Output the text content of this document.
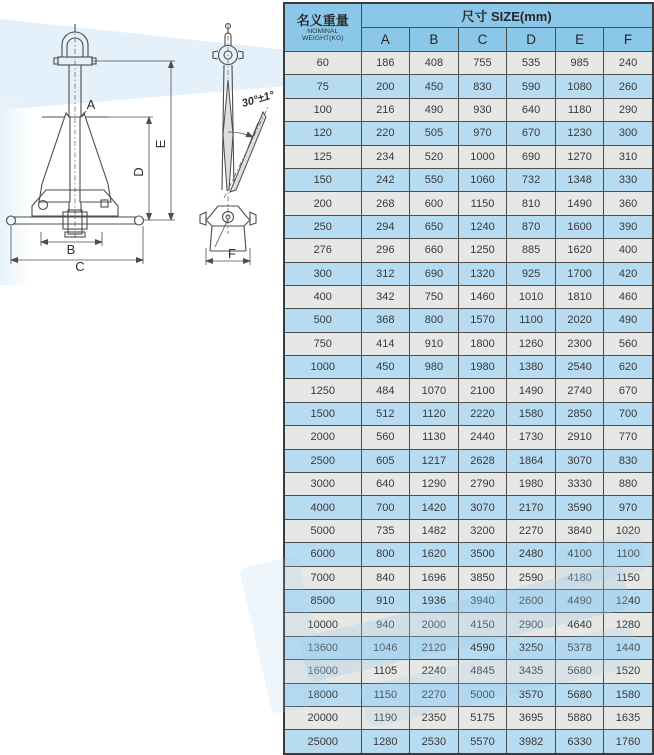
B
C
D
E
A	30°±1°
F
名义重量
NOMINAL
WEIGHT(KG)	尺寸 SIZE(mm)					
	A	B	C	D	E	F
60	186	408	755	535	985	240
75	200	450	830	590	1080	260
100	216	490	930	640	1180	290
120	220	505	970	670	1230	300
125	234	520	1000	690	1270	310
150	242	550	1060	732	1348	330
200	268	600	1150	810	1490	360
250	294	650	1240	870	1600	390
276	296	660	1250	885	1620	400
300	312	690	1320	925	1700	420
400	342	750	1460	1010	1810	460
500	368	800	1570	1100	2020	490
750	414	910	1800	1260	2300	560
1000	450	980	1980	1380	2540	620
1250	484	1070	2100	1490	2740	670
1500	512	1120	2220	1580	2850	700
2000	560	1130	2440	1730	2910	770
2500	605	1217	2628	1864	3070	830
3000	640	1290	2790	1980	3330	880
4000	700	1420	3070	2170	3590	970
5000	735	1482	3200	2270	3840	1020
6000	800	1620	3500	2480	4100	1100
7000	840	1696	3850	2590	4180	1150
8500	910	1936	3940	2600	4490	1240
10000	940	2000	4150	2900	4640	1280
13600	1046	2120	4590	3250	5378	1440
16000	1105	2240	4845	3435	5680	1520
18000	1150	2270	5000	3570	5680	1580
20000	1190	2350	5175	3695	5880	1635
25000	1280	2530	5570	3982	6330	1760
